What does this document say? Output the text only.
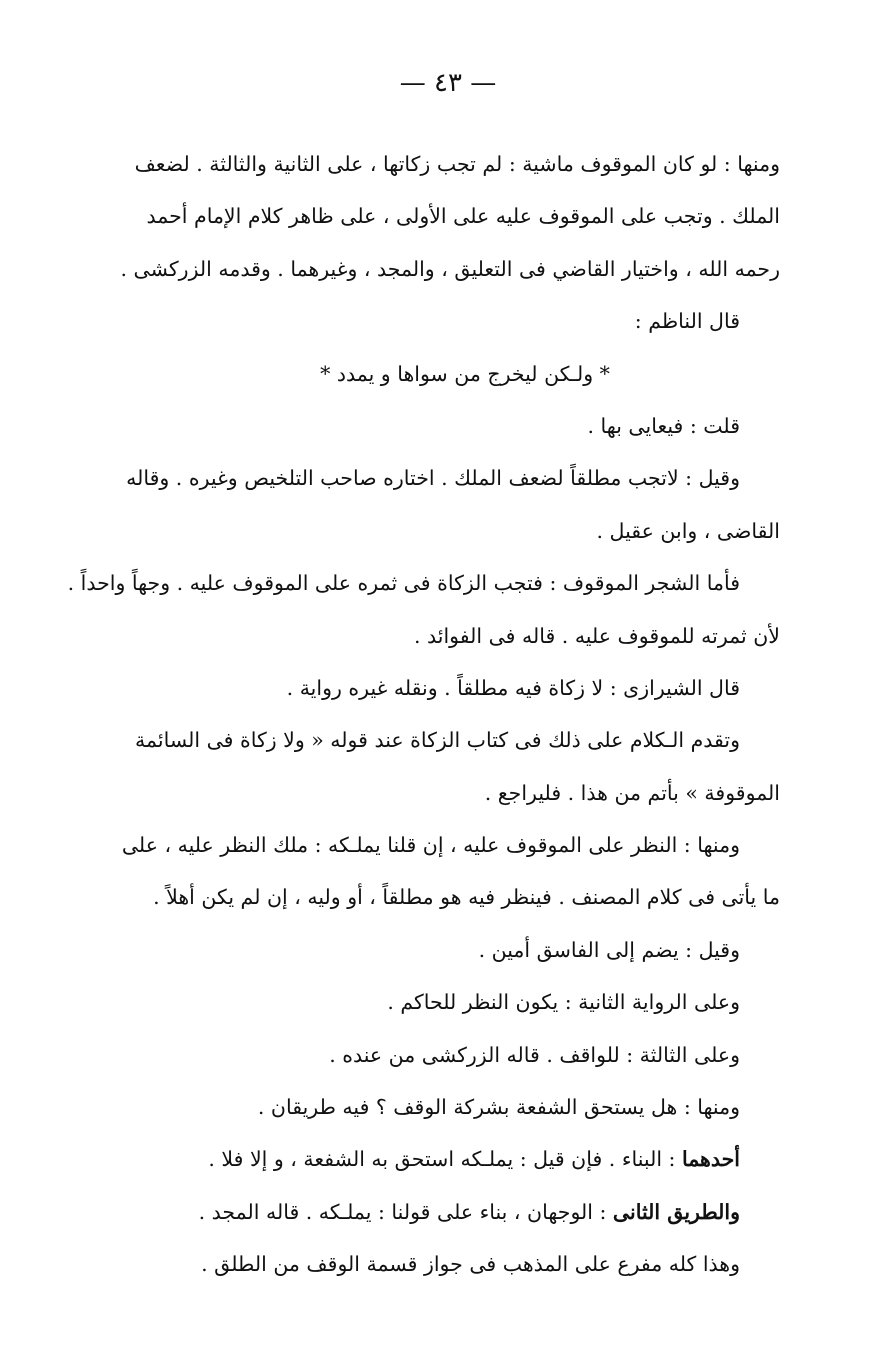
— ٤٣ —
ومنها : لو كان الموقوف ماشية : لم تجب زكاتها ، على الثانية والثالثة . لضعف
الملك . وتجب على الموقوف عليه على الأولى ، على ظاهر كلام الإمام أحمد
رحمه الله ، واختيار القاضي فى التعليق ، والمجد ، وغيرهما . وقدمه الزركشى .
قال الناظم :
* ولـكن ليخرج من سواها و يمدد *
قلت : فيعايى بها .
وقيل : لاتجب مطلقاً لضعف الملك . اختاره صاحب التلخيص وغيره . وقاله
القاضى ، وابن عقيل .
فأما الشجر الموقوف : فتجب الزكاة فى ثمره على الموقوف عليه . وجهاً واحداً .
لأن ثمرته للموقوف عليه . قاله فى الفوائد .
قال الشيرازى : لا زكاة فيه مطلقاً . ونقله غيره رواية .
وتقدم الـكلام على ذلك فى كتاب الزكاة عند قوله « ولا زكاة فى السائمة
الموقوفة » بأتم من هذا . فليراجع .
ومنها : النظر على الموقوف عليه ، إن قلنا يملـكه : ملك النظر عليه ، على
ما يأتى فى كلام المصنف . فينظر فيه هو مطلقاً ، أو وليه ، إن لم يكن أهلاً .
وقيل : يضم إلى الفاسق أمين .
وعلى الرواية الثانية : يكون النظر للحاكم .
وعلى الثالثة : للواقف . قاله الزركشى من عنده .
ومنها : هل يستحق الشفعة بشركة الوقف ؟ فيه طريقان .
أحدهما : البناء . فإن قيل : يملـكه استحق به الشفعة ، و إلا فلا .
والطريق الثانى : الوجهان ، بناء على قولنا : يملـكه . قاله المجد .
وهذا كله مفرع على المذهب فى جواز قسمة الوقف من الطلق .
